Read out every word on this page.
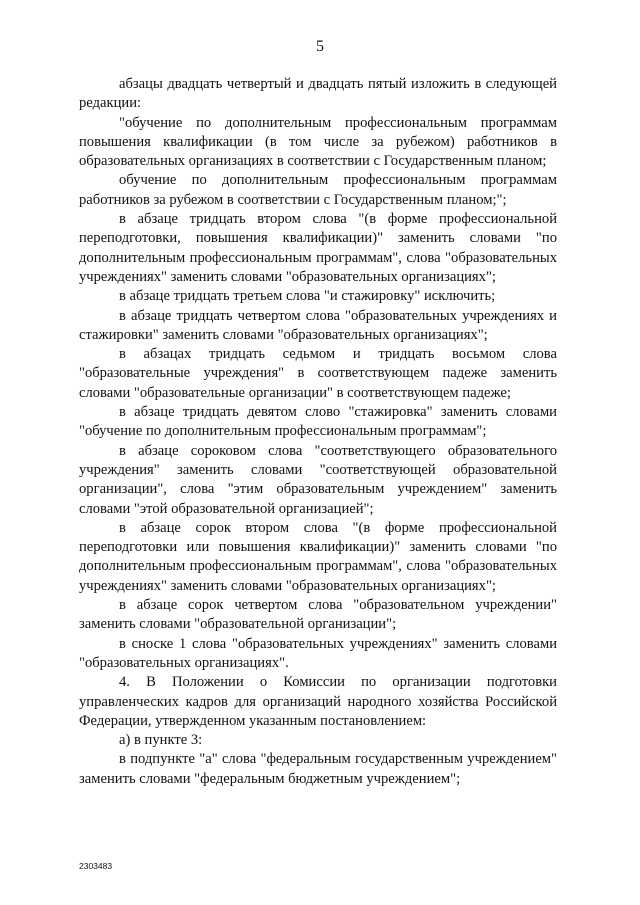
5

абзацы двадцать четвертый и двадцать пятый изложить в следующей редакции:

"обучение по дополнительным профессиональным программам повышения квалификации (в том числе за рубежом) работников в образовательных организациях в соответствии с Государственным планом;

обучение по дополнительным профессиональным программам работников за рубежом в соответствии с Государственным планом;";

в абзаце тридцать втором слова "(в форме профессиональной переподготовки, повышения квалификации)" заменить словами "по дополнительным профессиональным программам", слова "образовательных учреждениях" заменить словами "образовательных организациях";

в абзаце тридцать третьем слова "и стажировку" исключить;

в абзаце тридцать четвертом слова "образовательных учреждениях и стажировки" заменить словами "образовательных организациях";

в абзацах тридцать седьмом и тридцать восьмом слова "образовательные учреждения" в соответствующем падеже заменить словами "образовательные организации" в соответствующем падеже;

в абзаце тридцать девятом слово "стажировка" заменить словами "обучение по дополнительным профессиональным программам";

в абзаце сороковом слова "соответствующего образовательного учреждения" заменить словами "соответствующей образовательной организации", слова "этим образовательным учреждением" заменить словами "этой образовательной организацией";

в абзаце сорок втором слова "(в форме профессиональной переподготовки или повышения квалификации)" заменить словами "по дополнительным профессиональным программам", слова "образовательных учреждениях" заменить словами "образовательных организациях";

в абзаце сорок четвертом слова "образовательном учреждении" заменить словами "образовательной организации";

в сноске 1 слова "образовательных учреждениях" заменить словами "образовательных организациях".

4. В Положении о Комиссии по организации подготовки управленческих кадров для организаций народного хозяйства Российской Федерации, утвержденном указанным постановлением:

а) в пункте 3:

в подпункте "а" слова "федеральным государственным учреждением" заменить словами "федеральным бюджетным учреждением";

2303483
